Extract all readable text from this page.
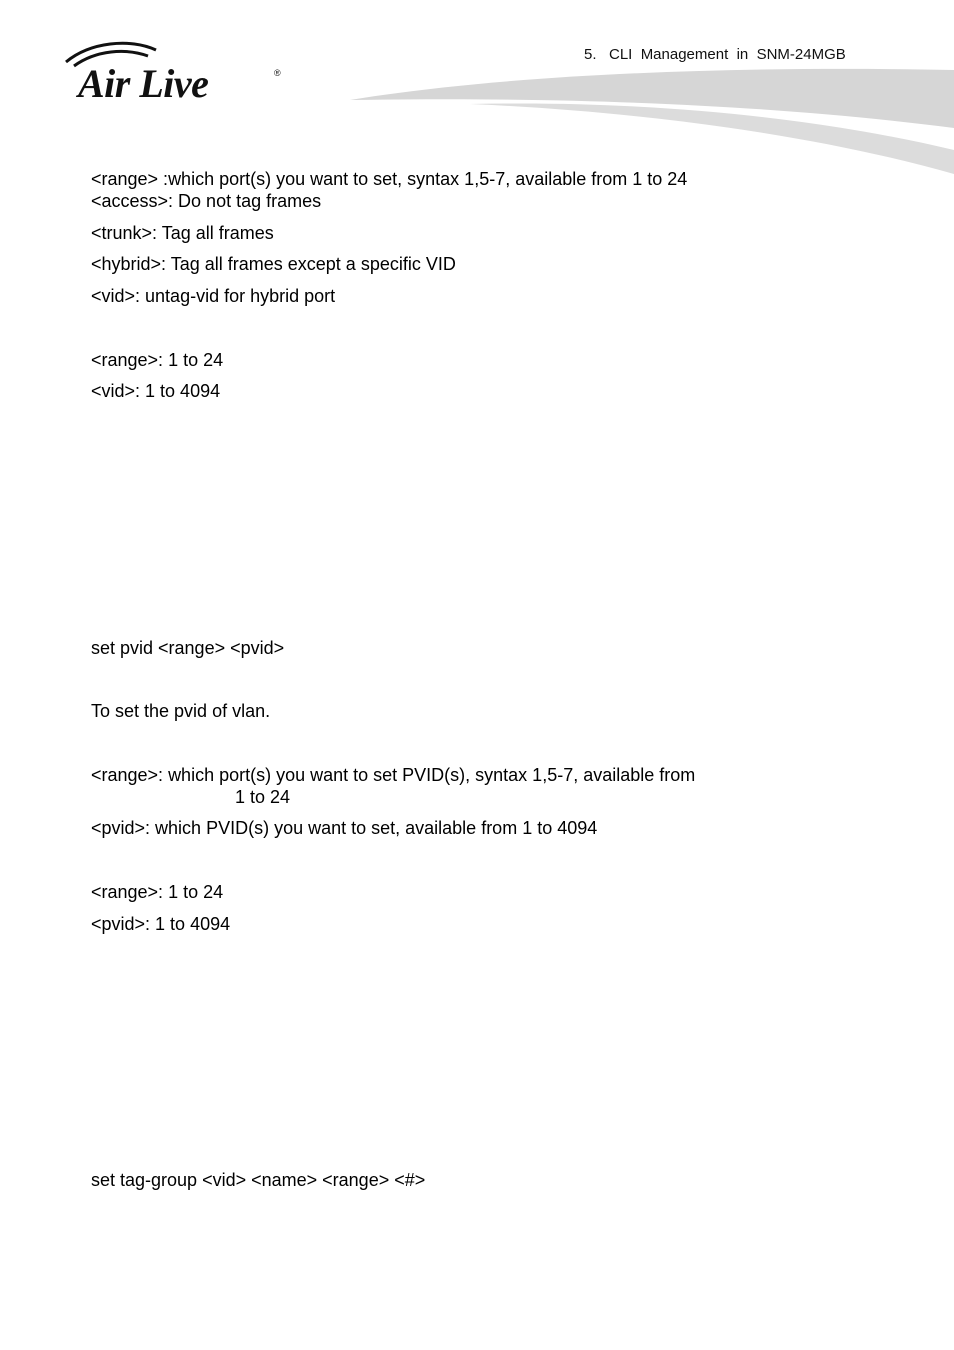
Air Live	®
5.   CLI  Management  in  SNM-24MGB
<range> :which port(s) you want to set, syntax 1,5-7, available from 1 to 24
<access>: Do not tag frames
<trunk>: Tag all frames
<hybrid>: Tag all frames except a specific VID
<vid>: untag-vid for hybrid port
<range>: 1 to 24
<vid>: 1 to 4094
set pvid <range> <pvid>
To set the pvid of vlan.
<range>: which port(s) you want to set PVID(s), syntax 1,5-7, available from
1 to 24
<pvid>: which PVID(s) you want to set, available from 1 to 4094
<range>: 1 to 24
<pvid>: 1 to 4094
set tag-group <vid> <name> <range> <#>
